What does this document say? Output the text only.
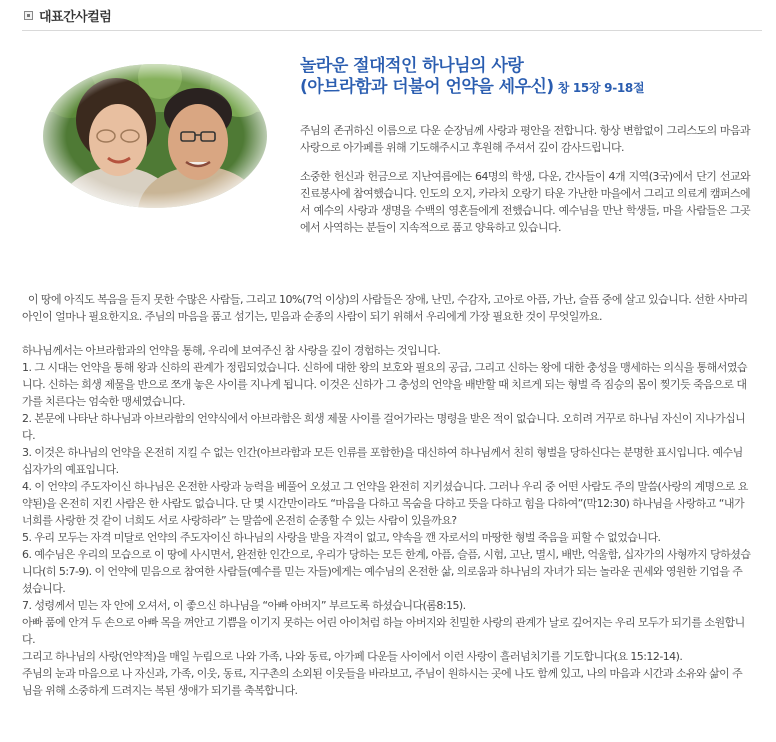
대표간사컬럼
놀라운 절대적인 하나님의 사랑
(아브라함과 더불어 언약을 세우신) 창 15장 9-18절

주님의 존귀하신 이름으로 다운 순장님께 사랑과 평안을 전합니다. 항상 변함없이 그리스도의 마음과 사랑으로 아가페를 위해 기도해주시고 후원해 주셔서 깊이 감사드립니다.

소중한 헌신과 헌금으로 지난여름에는 64명의 학생, 다운, 간사들이 4개 지역(3국)에서 단기 선교와 진료봉사에 참여했습니다. 인도의 오지, 카라치 오랑기 타운 가난한 마을에서 그리고 의료게 캠퍼스에서 예수의 사랑과 생명을 수백의 영혼들에게 전했습니다. 예수님을 만난 학생들, 마을 사람들은 그곳에서 사역하는 분들이 지속적으로 품고 양육하고 있습니다.

이 땅에 아직도 복음을 듣지 못한 수많은 사람들, 그리고 10%(7억 이상)의 사람들은 장애, 난민, 수감자, 고아로 아픔, 가난, 슬픔 중에 살고 있습니다. 선한 사마리아인이 얼마나 필요한지요. 주님의 마음을 품고 섬기는, 믿음과 순종의 사람이 되기 위해서 우리에게 가장 필요한 것이 무엇일까요.

하나님께서는 아브라함과의 언약을 통해, 우리에 보여주신 참 사랑을 깊이 경험하는 것입니다.

1. 그 시대는 언약을 통해 왕과 신하의 관계가 정립되었습니다. 신하에 대한 왕의 보호와 필요의 공급, 그리고 신하는 왕에 대한 충성을 맹세하는 의식을 통해서였습니다. 신하는 희생 제물을 반으로 쪼개 놓은 사이를 지나게 됩니다. 이것은 신하가 그 충성의 언약을 배반할 때 치르게 되는 형벌 즉 짐승의 몸이 찢기듯 죽음으로 대가를 치른다는 엄숙한 맹세였습니다.

2. 본문에 나타난 하나님과 아브라함의 언약식에서 아브라함은 희생 제물 사이를 걸어가라는 명령을 받은 적이 없습니다. 오히려 거꾸로 하나님 자신이 지나가십니다.

3. 이것은 하나님의 언약을 온전히 지킬 수 없는 인간(아브라함과 모든 인류를 포함한)을 대신하여 하나님께서 친히 형벌을 당하신다는 분명한 표시입니다. 예수님 십자가의 예표입니다.

4. 이 언약의 주도자이신 하나님은 온전한 사랑과 능력을 베풀어 오셨고 그 언약을 완전히 지키셨습니다. 그러나 우리 중 어떤 사람도 주의 말씀(사랑의 계명으로 요약된)을 온전히 지킨 사람은 한 사람도 없습니다. 단 몇 시간만이라도 “마음을 다하고 목숨을 다하고 뜻을 다하고 힘을 다하여”(막12:30) 하나님을 사랑하고 “내가 너희를 사랑한 것 같이 너희도 서로 사랑하라” 는 말씀에 온전히 순종할 수 있는 사람이 있을까요?

5. 우리 모두는 자격 미달로 언약의 주도자이신 하나님의 사랑을 받을 자격이 없고, 약속을 깬 자로서의 마땅한 형벌 죽음을 피할 수 없었습니다.

6. 예수님은 우리의 모습으로 이 땅에 사시면서, 완전한 인간으로, 우리가 당하는 모든 한계, 아픔, 슬픔, 시험, 고난, 멸시, 배반, 억울함, 십자가의 사형까지 당하셨습니다(히 5:7-9). 이 언약에 믿음으로 참여한 사람들(예수를 믿는 자들)에게는 예수님의 온전한 삶, 의로움과 하나님의 자녀가 되는 놀라운 권세와 영원한 기업을 주셨습니다.

7. 성령께서 믿는 자 안에 오셔서, 이 좋으신 하나님을 “아빠 아버지” 부르도록 하셨습니다(롬8:15).

아빠 품에 안겨 두 손으로 아빠 목을 껴안고 기쁨을 이기지 못하는 어린 아이처럼 하늘 아버지와 친밀한 사랑의 관계가 날로 깊어지는 우리 모두가 되기를 소원합니다.

그리고 하나님의 사랑(언약적)을 매일 누림으로 나와 가족, 나와 동료, 아가페 다운들 사이에서 이런 사랑이 흘러넘치기를 기도합니다(요 15:12-14).

주님의 눈과 마음으로 나 자신과, 가족, 이웃, 동료, 지구촌의 소외된 이웃들을 바라보고, 주님이 원하시는 곳에 나도 함께 있고, 나의 마음과 시간과 소유와 삶이 주님을 위해 소중하게 드려지는 복된 생애가 되기를 축복합니다.
